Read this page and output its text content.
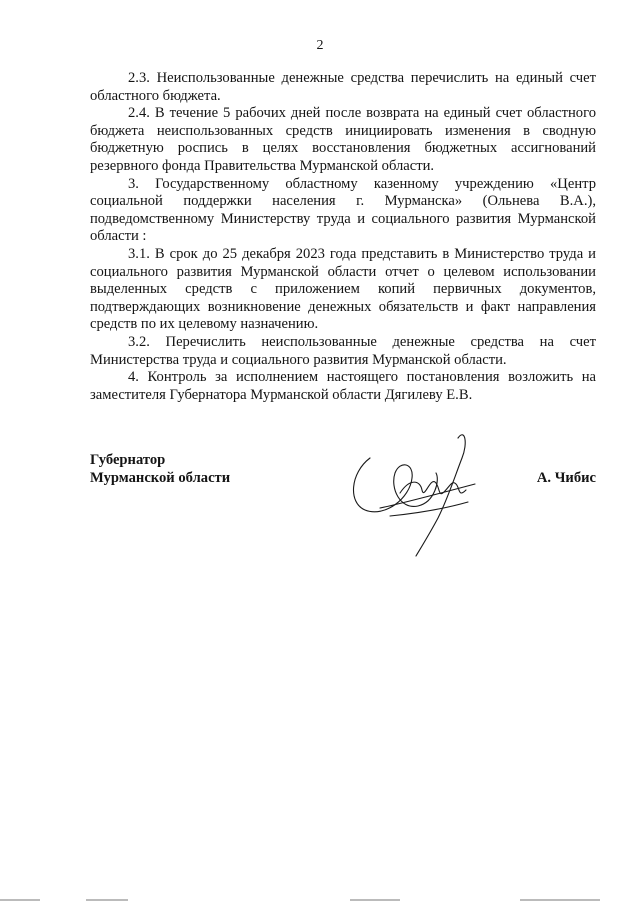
2

2.3. Неиспользованные денежные средства перечислить на единый счет областного бюджета.

2.4. В течение 5 рабочих дней после возврата на единый счет областного бюджета неиспользованных средств инициировать изменения в сводную бюджетную роспись в целях восстановления бюджетных ассигнований резервного фонда Правительства Мурманской области.

3. Государственному областному казенному учреждению «Центр социальной поддержки населения г. Мурманска» (Ольнева В.А.), подведомственному Министерству труда и социального развития Мурманской области :

3.1. В срок до 25 декабря 2023 года представить в Министерство труда и социального развития Мурманской области отчет о целевом использовании выделенных средств с приложением копий первичных документов, подтверждающих возникновение денежных обязательств и факт направления средств по их целевому назначению.

3.2. Перечислить неиспользованные денежные средства на счет Министерства труда и социального развития Мурманской области.

4. Контроль за исполнением настоящего постановления возложить на заместителя Губернатора Мурманской области Дягилеву Е.В.

Губернатор
Мурманской области	А. Чибис
